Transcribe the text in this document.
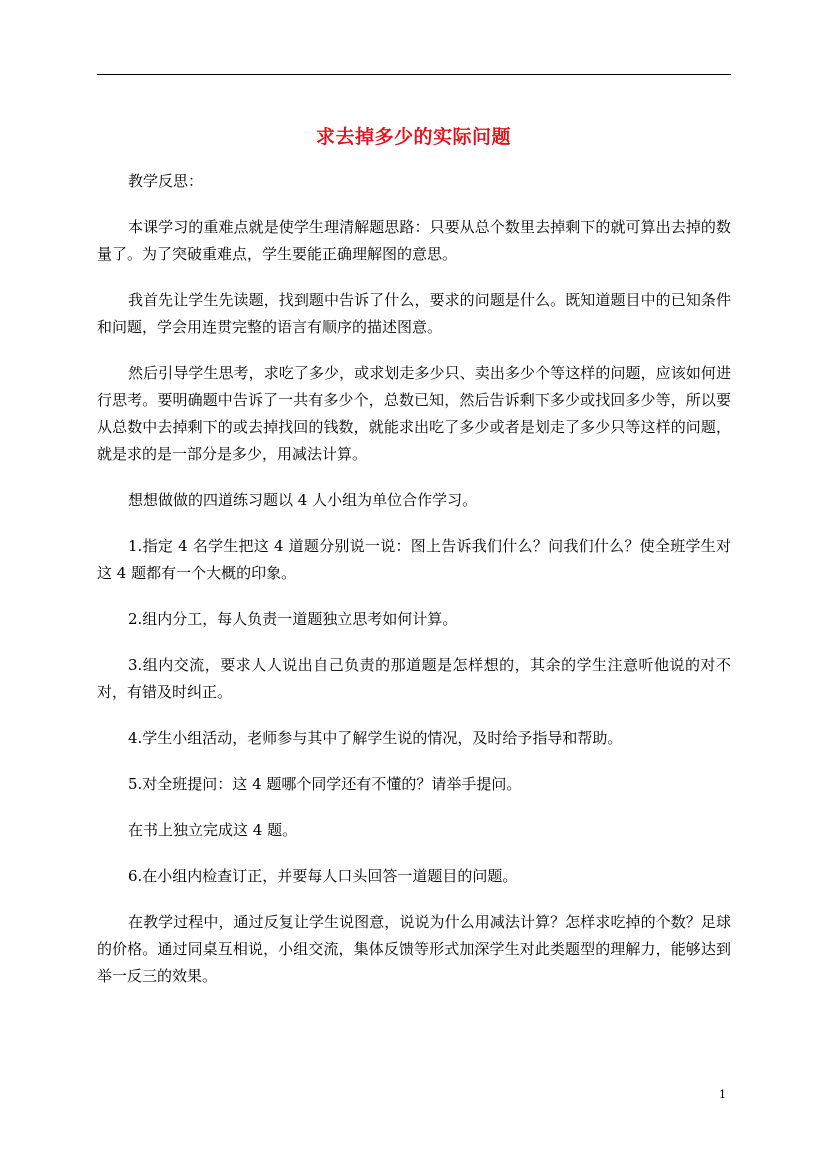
求去掉多少的实际问题

教学反思：

本课学习的重难点就是使学生理清解题思路：只要从总个数里去掉剩下的就可算出去掉的数量了。为了突破重难点，学生要能正确理解图的意思。

我首先让学生先读题，找到题中告诉了什么，要求的问题是什么。既知道题目中的已知条件和问题，学会用连贯完整的语言有顺序的描述图意。

然后引导学生思考，求吃了多少，或求划走多少只、卖出多少个等这样的问题，应该如何进行思考。要明确题中告诉了一共有多少个，总数已知，然后告诉剩下多少或找回多少等，所以要从总数中去掉剩下的或去掉找回的钱数，就能求出吃了多少或者是划走了多少只等这样的问题，就是求的是一部分是多少，用减法计算。

想想做做的四道练习题以 4 人小组为单位合作学习。

1.指定 4 名学生把这 4 道题分别说一说：图上告诉我们什么？问我们什么？使全班学生对这 4 题都有一个大概的印象。

2.组内分工，每人负责一道题独立思考如何计算。

3.组内交流，要求人人说出自己负责的那道题是怎样想的，其余的学生注意听他说的对不对，有错及时纠正。

4.学生小组活动，老师参与其中了解学生说的情况，及时给予指导和帮助。

5.对全班提问：这 4 题哪个同学还有不懂的？请举手提问。

在书上独立完成这 4 题。

6.在小组内检查订正，并要每人口头回答一道题目的问题。

在教学过程中，通过反复让学生说图意，说说为什么用减法计算？怎样求吃掉的个数？足球的价格。通过同桌互相说，小组交流，集体反馈等形式加深学生对此类题型的理解力，能够达到举一反三的效果。

1
